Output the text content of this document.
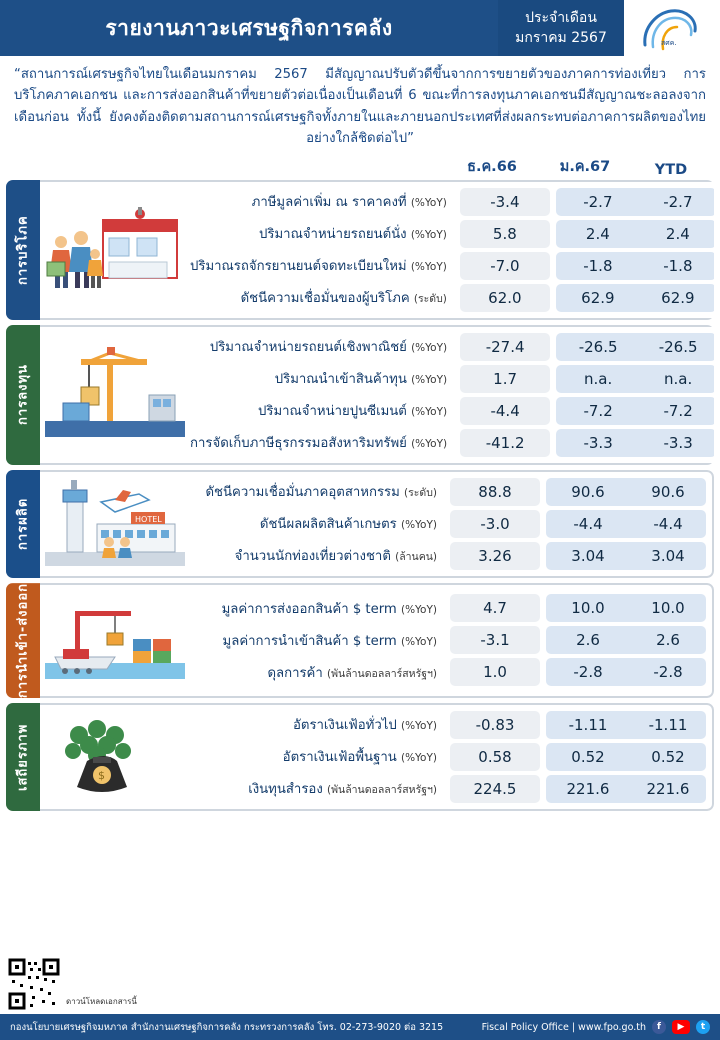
รายงานภาวะเศรษฐกิจการคลัง	ประจำเดือน
มกราคม 2567	สศค.
“สถานการณ์เศรษฐกิจไทยในเดือนมกราคม 2567 มีสัญญาณปรับตัวดีขึ้นจากการขยายตัวของภาคการท่องเที่ยว การบริโภคภาคเอกชน และการส่งออกสินค้าที่ขยายตัวต่อเนื่องเป็นเดือนที่ 6 ขณะที่การลงทุนภาคเอกชนมีสัญญาณชะลอลงจากเดือนก่อน ทั้งนี้ ยังคงต้องติดตามสถานการณ์เศรษฐกิจทั้งภายในและภายนอกประเทศที่ส่งผลกระทบต่อภาคการผลิตของไทยอย่างใกล้ชิดต่อไป”
ธ.ค.66	ม.ค.67	YTD
การบริโภค
ภาษีมูลค่าเพิ่ม ณ ราคาคงที่ (%YoY)	-3.4	-2.7	-2.7
ปริมาณจำหน่ายรถยนต์นั่ง (%YoY)	5.8	2.4	2.4
ปริมาณรถจักรยานยนต์จดทะเบียนใหม่ (%YoY)	-7.0	-1.8	-1.8
ดัชนีความเชื่อมั่นของผู้บริโภค (ระดับ)	62.0	62.9	62.9
การลงทุน
ปริมาณจำหน่ายรถยนต์เชิงพาณิชย์ (%YoY)	-27.4	-26.5	-26.5
ปริมาณนำเข้าสินค้าทุน (%YoY)	1.7	n.a.	n.a.
ปริมาณจำหน่ายปูนซีเมนต์ (%YoY)	-4.4	-7.2	-7.2
การจัดเก็บภาษีธุรกรรมอสังหาริมทรัพย์ (%YoY)	-41.2	-3.3	-3.3
การผลิต	HOTEL
ดัชนีความเชื่อมั่นภาคอุตสาหกรรม (ระดับ)	88.8	90.6	90.6
ดัชนีผลผลิตสินค้าเกษตร (%YoY)	-3.0	-4.4	-4.4
จำนวนนักท่องเที่ยวต่างชาติ (ล้านคน)	3.26	3.04	3.04
การนำเข้า-ส่งออก	มูลค่าการส่งออกสินค้า $ term (%YoY)	4.7	10.0	10.0
มูลค่าการนำเข้าสินค้า $ term (%YoY)	-3.1	2.6	2.6
ดุลการค้า (พันล้านดอลลาร์สหรัฐฯ)	1.0	-2.8	-2.8
เสถียรภาพ	$
อัตราเงินเฟ้อทั่วไป (%YoY)	-0.83	-1.11	-1.11
อัตราเงินเฟ้อพื้นฐาน (%YoY)	0.58	0.52	0.52
เงินทุนสำรอง (พันล้านดอลลาร์สหรัฐฯ)	224.5	221.6	221.6
ดาวน์โหลดเอกสารนี้
กองนโยบายเศรษฐกิจมหภาค สำนักงานเศรษฐกิจการคลัง กระทรวงการคลัง โทร. 02-273-9020 ต่อ 3215	Fiscal Policy Office | www.fpo.go.th	f	▶	t
